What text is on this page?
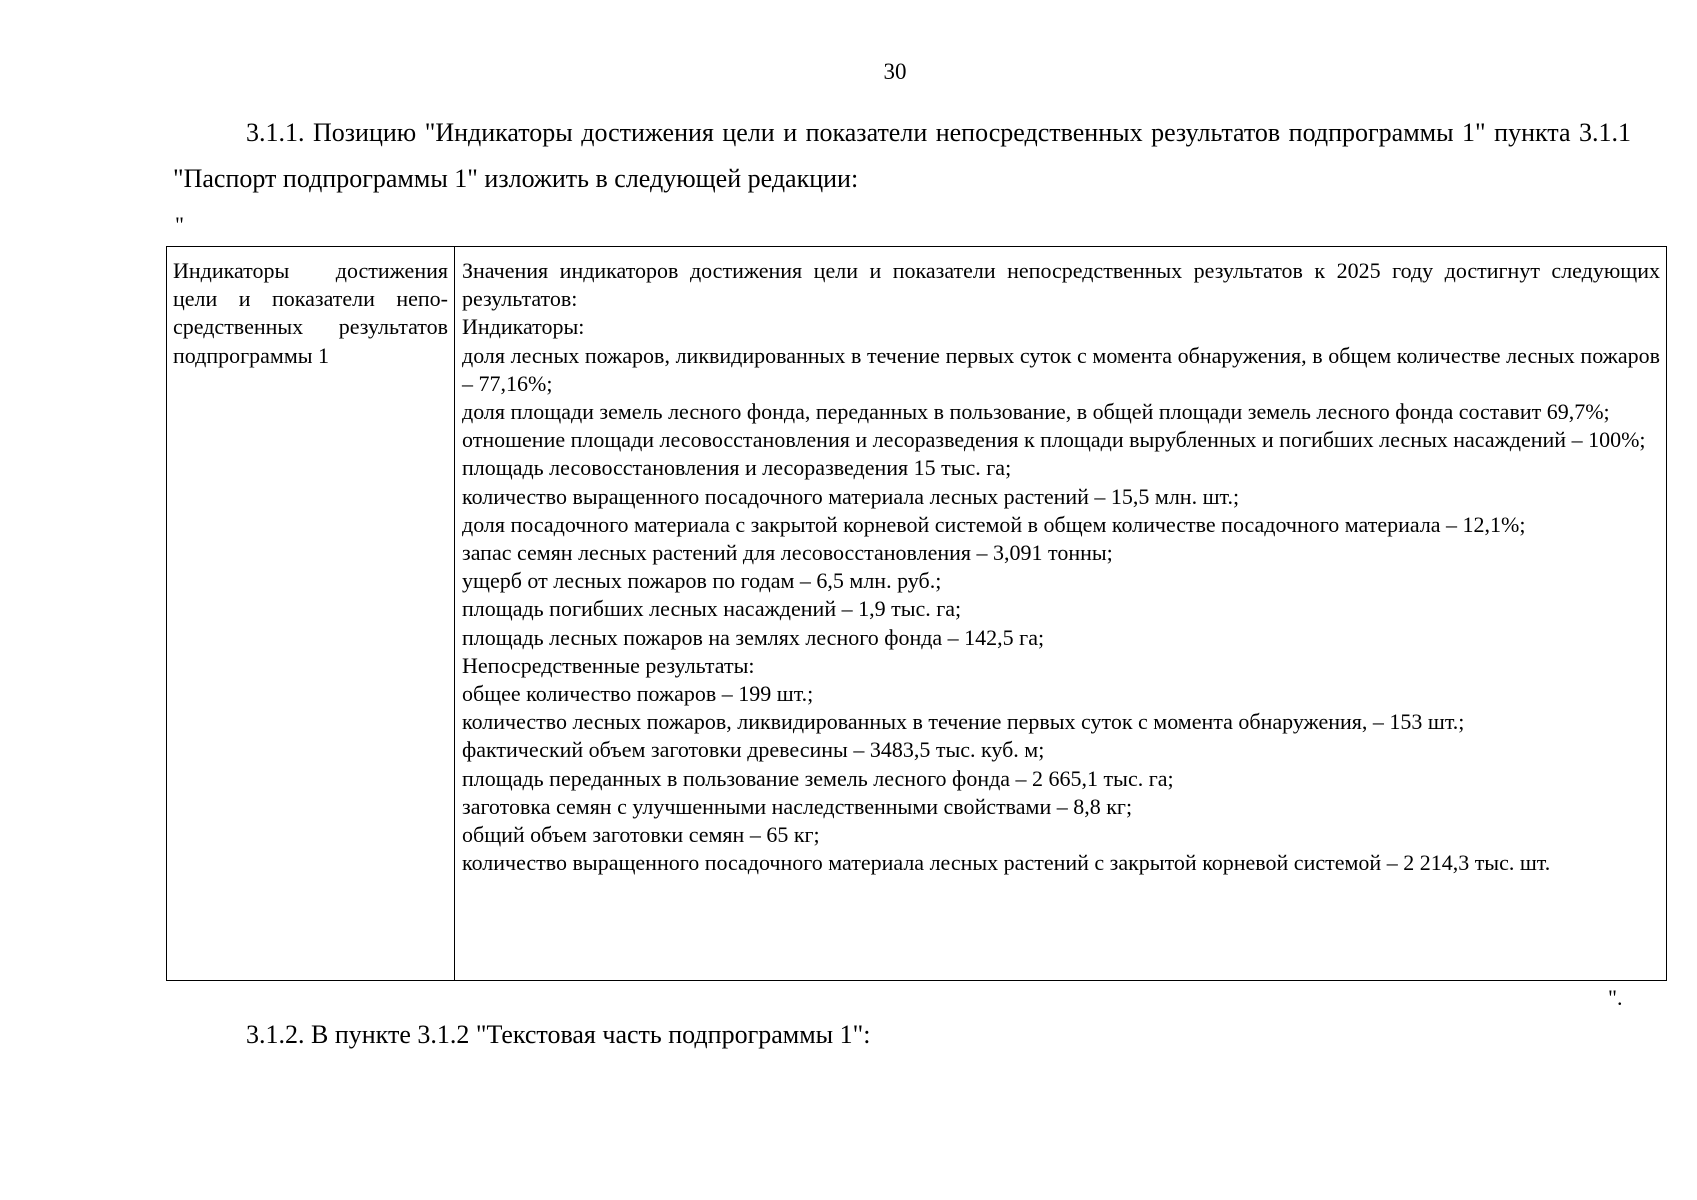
30

3.1.1. Позицию "Индикаторы достижения цели и показатели непосредственных результатов подпрограммы 1" пункта 3.1.1 "Паспорт подпрограммы 1" изложить в следующей редакции:

"
Индикаторы достижения цели и показатели непосредственных результатов подпрограммы 1
Значения индикаторов достижения цели и показатели непосредственных результатов к 2025 году достигнут следующих результатов:
Индикаторы:
доля лесных пожаров, ликвидированных в течение первых суток с момента обнаружения, в общем количестве лесных пожаров – 77,16%;
доля площади земель лесного фонда, переданных в пользование, в общей площади земель лесного фонда составит 69,7%;
отношение площади лесовосстановления и лесоразведения к площади вырубленных и погибших лесных насаждений – 100%;
площадь лесовосстановления и лесоразведения 15 тыс. га;
количество выращенного посадочного материала лесных растений – 15,5 млн. шт.;
доля посадочного материала с закрытой корневой системой в общем количестве посадочного материала – 12,1%;
запас семян лесных растений для лесовосстановления – 3,091 тонны;
ущерб от лесных пожаров по годам – 6,5 млн. руб.;
площадь погибших лесных насаждений – 1,9 тыс. га;
площадь лесных пожаров на землях лесного фонда – 142,5 га;
Непосредственные результаты:
общее количество пожаров – 199 шт.;
количество лесных пожаров, ликвидированных в течение первых суток с момента обнаружения, – 153 шт.;
фактический объем заготовки древесины – 3483,5 тыс. куб. м;
площадь переданных в пользование земель лесного фонда – 2 665,1 тыс. га;
заготовка семян с улучшенными наследственными свойствами – 8,8 кг;
общий объем заготовки семян – 65 кг;
количество выращенного посадочного материала лесных растений с закрытой корневой системой – 2 214,3 тыс. шт.
".

3.1.2. В пункте 3.1.2 "Текстовая часть подпрограммы 1":
